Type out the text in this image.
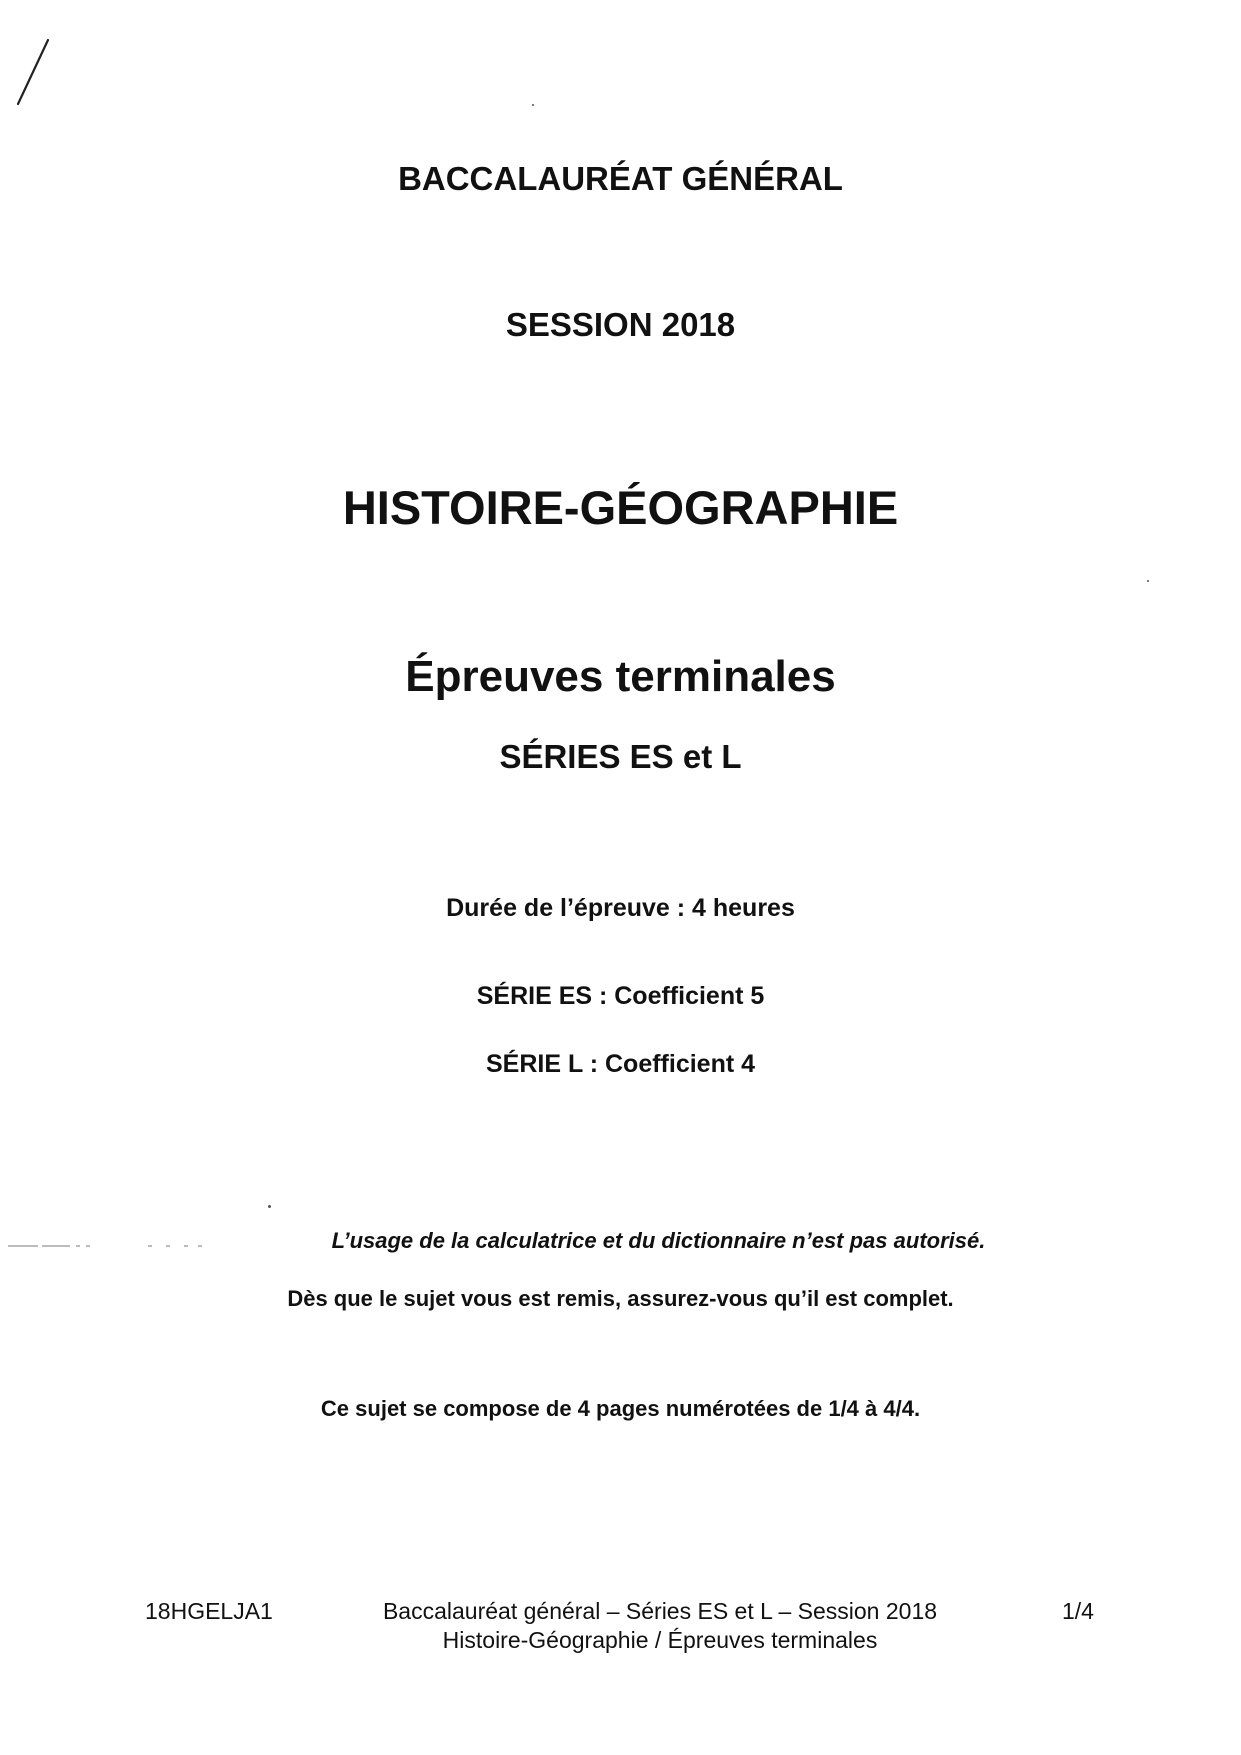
BACCALAURÉAT GÉNÉRAL
SESSION 2018
HISTOIRE-GÉOGRAPHIE
Épreuves terminales
SÉRIES ES et L
Durée de l’épreuve : 4 heures
SÉRIE ES : Coefficient 5
SÉRIE L : Coefficient 4
L’usage de la calculatrice et du dictionnaire n’est pas autorisé.
Dès que le sujet vous est remis, assurez-vous qu’il est complet.
Ce sujet se compose de 4 pages numérotées de 1/4 à 4/4.
18HGELJA1	Baccalauréat général – Séries ES et L – Session 2018
Histoire-Géographie / Épreuves terminales
1/4
